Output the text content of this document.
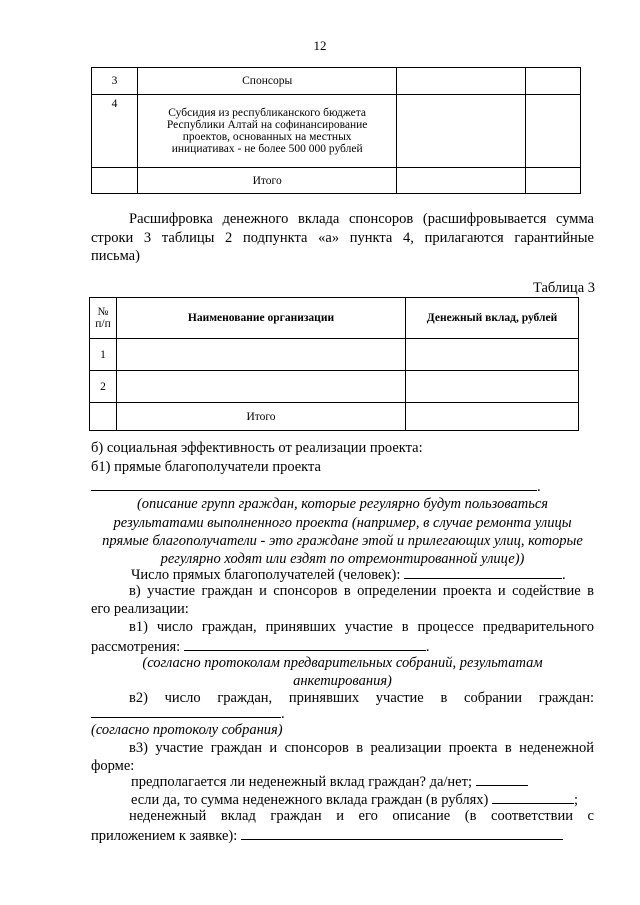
12
3	Спонсоры		
4	Субсидия из республиканского бюджета
Республики Алтай на софинансирование
проектов, основанных на местных
инициативах - не более 500 000 рублей		

	Итого		
Расшифровка денежного вклада спонсоров (расшифровывается сумма
строки 3 таблицы 2 подпункта «а» пункта 4, прилагаются гарантийные
письма)
Таблица 3
№
п/п	Наименование организации	Денежный вклад, рублей
1		
2		
	Итого	
б) социальная эффективность от реализации проекта:
б1) прямые благополучатели проекта
.
(описание групп граждан, которые регулярно будут пользоваться
результатами выполненного проекта (например, в случае ремонта улицы
прямые благополучатели - это граждане этой и прилегающих улиц, которые
регулярно ходят или ездят по отремонтированной улице))
Число прямых благополучателей (человек):	.
в) участие граждан и спонсоров в определении проекта и содействие в
его реализации:
в1) число граждан, принявших участие в процессе предварительного
рассмотрения:	.
(согласно протоколам предварительных собраний, результатам
анкетирования)
в2) число граждан, принявших участие в собрании граждан:
.
(согласно протоколу собрания)
в3) участие граждан и спонсоров в реализации проекта в неденежной
форме:
предполагается ли неденежный вклад граждан? да/нет;
если да, то сумма неденежного вклада граждан (в рублях)	;
неденежный вклад граждан и его описание (в соответствии с
приложением к заявке):
